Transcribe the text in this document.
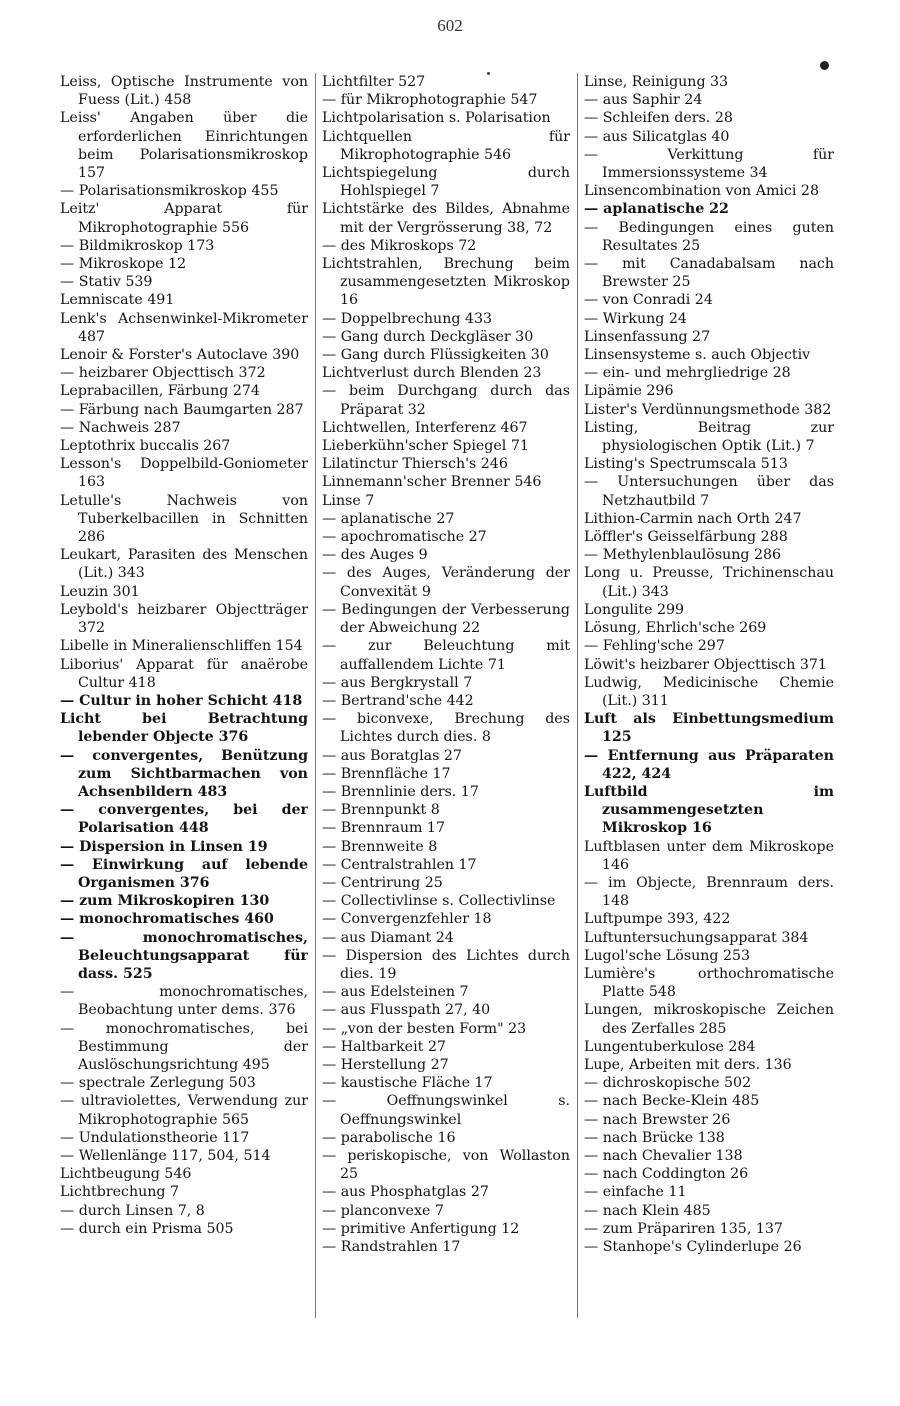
602

Leiss, Optische Instrumente von Fuess (Lit.) 458

Leiss' Angaben über die erforderlichen Einrichtungen beim Polarisationsmikroskop 157

— Polarisationsmikroskop 455

Leitz' Apparat für Mikrophotographie 556

— Bildmikroskop 173

— Mikroskope 12

— Stativ 539

Lemniscate 491

Lenk's Achsenwinkel-Mikrometer 487

Lenoir & Forster's Autoclave 390

— heizbarer Objecttisch 372

Leprabacillen, Färbung 274

— Färbung nach Baumgarten 287

— Nachweis 287

Leptothrix buccalis 267

Lesson's Doppelbild-Goniometer 163

Letulle's Nachweis von Tuberkelbacillen in Schnitten 286

Leukart, Parasiten des Menschen (Lit.) 343

Leuzin 301

Leybold's heizbarer Objectträger 372

Libelle in Mineralienschliffen 154

Liborius' Apparat für anaërobe Cultur 418

— Cultur in hoher Schicht 418

Licht bei Betrachtung lebender Objecte 376

— convergentes, Benützung zum Sichtbarmachen von Achsenbildern 483

— convergentes, bei der Polarisation 448

— Dispersion in Linsen 19

— Einwirkung auf lebende Organismen 376

— zum Mikroskopiren 130

— monochromatisches 460

— monochromatisches, Beleuchtungsapparat für dass. 525

— monochromatisches, Beobachtung unter dems. 376

— monochromatisches, bei Bestimmung der Auslöschungsrichtung 495

— spectrale Zerlegung 503

— ultraviolettes, Verwendung zur Mikrophotographie 565

— Undulationstheorie 117

— Wellenlänge 117, 504, 514

Lichtbeugung 546

Lichtbrechung 7

— durch Linsen 7, 8

— durch ein Prisma 505

Lichtfilter 527

— für Mikrophotographie 547

Lichtpolarisation s. Polarisation

Lichtquellen für Mikrophotographie 546

Lichtspiegelung durch Hohlspiegel 7

Lichtstärke des Bildes, Abnahme mit der Vergrösserung 38, 72

— des Mikroskops 72

Lichtstrahlen, Brechung beim zusammengesetzten Mikroskop 16

— Doppelbrechung 433

— Gang durch Deckgläser 30

— Gang durch Flüssigkeiten 30

Lichtverlust durch Blenden 23

— beim Durchgang durch das Präparat 32

Lichtwellen, Interferenz 467

Lieberkühn'scher Spiegel 71

Lilatinctur Thiersch's 246

Linnemann'scher Brenner 546

Linse 7

— aplanatische 27

— apochromatische 27

— des Auges 9

— des Auges, Veränderung der Convexität 9

— Bedingungen der Verbesserung der Abweichung 22

— zur Beleuchtung mit auffallendem Lichte 71

— aus Bergkrystall 7

— Bertrand'sche 442

— biconvexe, Brechung des Lichtes durch dies. 8

— aus Boratglas 27

— Brennfläche 17

— Brennlinie ders. 17

— Brennpunkt 8

— Brennraum 17

— Brennweite 8

— Centralstrahlen 17

— Centrirung 25

— Collectivlinse s. Collectivlinse

— Convergenzfehler 18

— aus Diamant 24

— Dispersion des Lichtes durch dies. 19

— aus Edelsteinen 7

— aus Flusspath 27, 40

— „von der besten Form" 23

— Haltbarkeit 27

— Herstellung 27

— kaustische Fläche 17

— Oeffnungswinkel s. Oeffnungswinkel

— parabolische 16

— periskopische, von Wollaston 25

— aus Phosphatglas 27

— planconvexe 7

— primitive Anfertigung 12

— Randstrahlen 17

Linse, Reinigung 33

— aus Saphir 24

— Schleifen ders. 28

— aus Silicatglas 40

— Verkittung für Immersionssysteme 34

Linsencombination von Amici 28

— aplanatische 22

— Bedingungen eines guten Resultates 25

— mit Canadabalsam nach Brewster 25

— von Conradi 24

— Wirkung 24

Linsenfassung 27

Linsensysteme s. auch Objectiv

— ein- und mehrgliedrige 28

Lipämie 296

Lister's Verdünnungsmethode 382

Listing, Beitrag zur physiologischen Optik (Lit.) 7

Listing's Spectrumscala 513

— Untersuchungen über das Netzhautbild 7

Lithion-Carmin nach Orth 247

Löffler's Geisselfärbung 288

— Methylenblaulösung 286

Long u. Preusse, Trichinenschau (Lit.) 343

Longulite 299

Lösung, Ehrlich'sche 269

— Fehling'sche 297

Löwit's heizbarer Objecttisch 371

Ludwig, Medicinische Chemie (Lit.) 311

Luft als Einbettungsmedium 125

— Entfernung aus Präparaten 422, 424

Luftbild im zusammengesetzten Mikroskop 16

Luftblasen unter dem Mikroskope 146

— im Objecte, Brennraum ders. 148

Luftpumpe 393, 422

Luftuntersuchungsapparat 384

Lugol'sche Lösung 253

Lumière's orthochromatische Platte 548

Lungen, mikroskopische Zeichen des Zerfalles 285

Lungentuberkulose 284

Lupe, Arbeiten mit ders. 136

— dichroskopische 502

— nach Becke-Klein 485

— nach Brewster 26

— nach Brücke 138

— nach Chevalier 138

— nach Coddington 26

— einfache 11

— nach Klein 485

— zum Präpariren 135, 137

— Stanhope's Cylinderlupe 26
